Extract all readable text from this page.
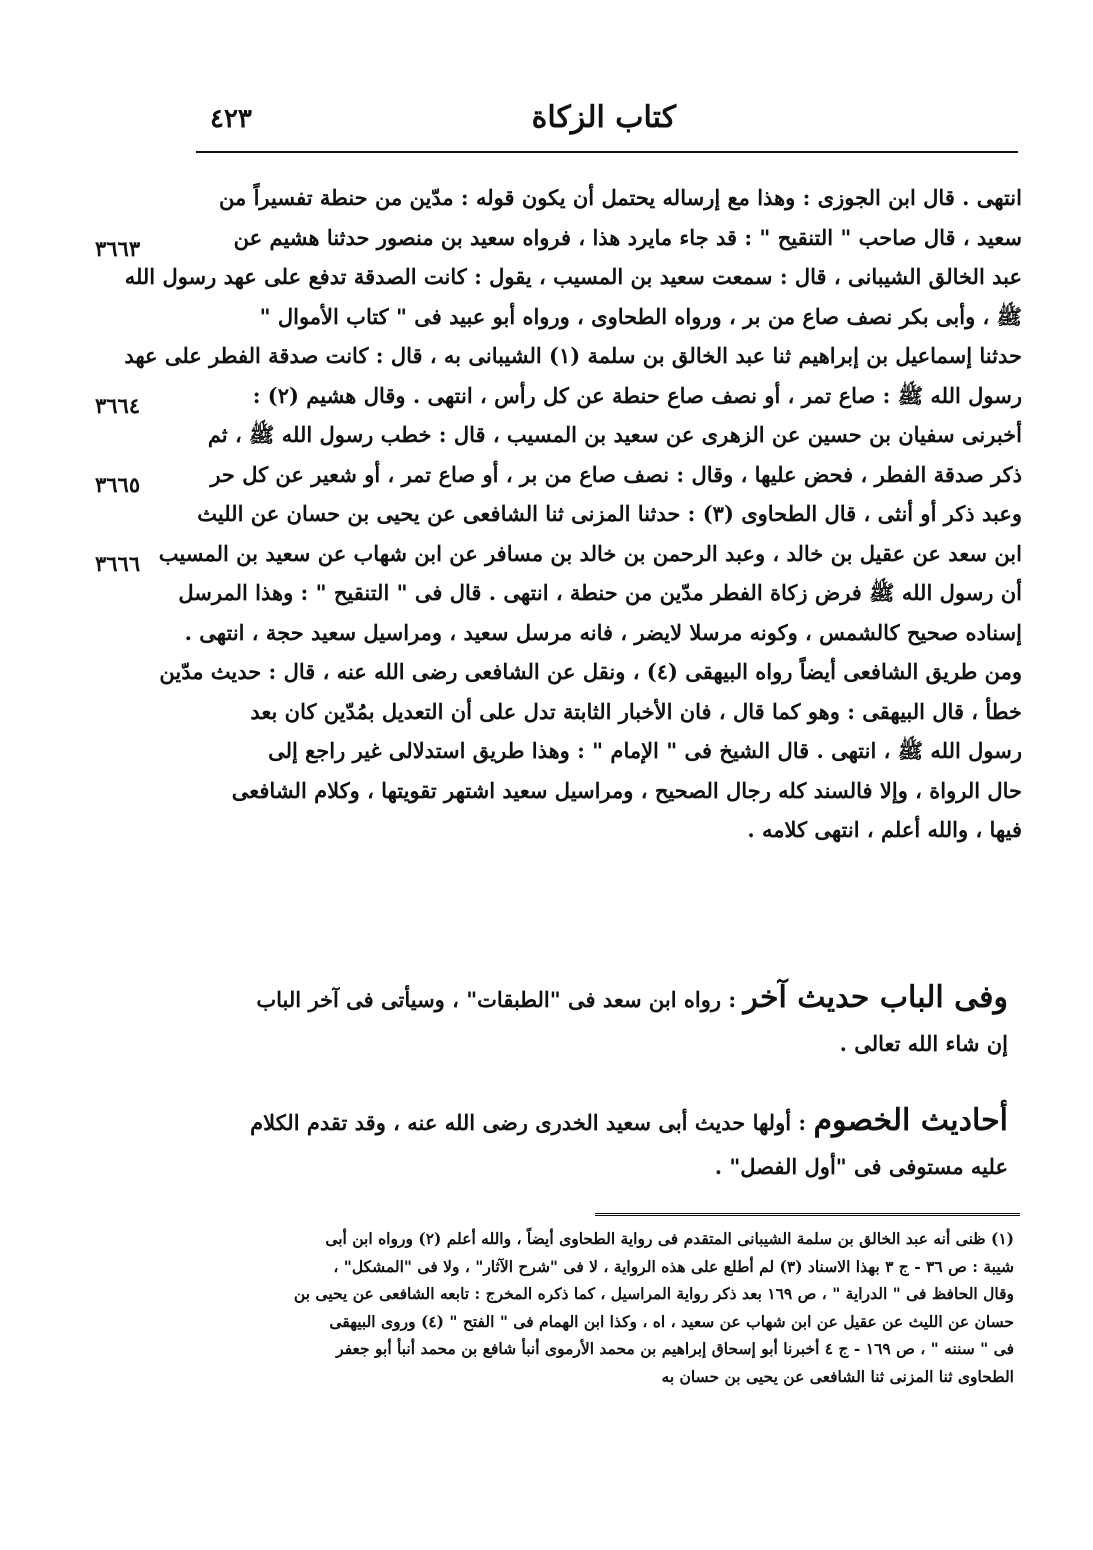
كتاب الزكاة
٤٢٣
انتهى . قال ابن الجوزى : وهذا مع إرساله يحتمل أن يكون قوله : مدّين من حنطة تفسيراً من
سعيد ، قال صاحب " التنقيح " : قد جاء مايرد هذا ، فرواه سعيد بن منصور حدثنا هشيم عن
عبد الخالق الشيبانى ، قال : سمعت سعيد بن المسيب ، يقول : كانت الصدقة تدفع على عهد رسول الله
ﷺ ، وأبى بكر نصف صاع من بر ، ورواه الطحاوى ، ورواه أبو عبيد فى " كتاب الأموال "
حدثنا إسماعيل بن إبراهيم ثنا عبد الخالق بن سلمة (١) الشيبانى به ، قال : كانت صدقة الفطر على عهد
رسول الله ﷺ : صاع تمر ، أو نصف صاع حنطة عن كل رأس ، انتهى . وقال هشيم (٢) :
أخبرنى سفيان بن حسين عن الزهرى عن سعيد بن المسيب ، قال : خطب رسول الله ﷺ ، ثم
ذكر صدقة الفطر ، فحض عليها ، وقال : نصف صاع من بر ، أو صاع تمر ، أو شعير عن كل حر
وعبد ذكر أو أنثى ، قال الطحاوى (٣) : حدثنا المزنى ثنا الشافعى عن يحيى بن حسان عن الليث
ابن سعد عن عقيل بن خالد ، وعبد الرحمن بن خالد بن مسافر عن ابن شهاب عن سعيد بن المسيب
أن رسول الله ﷺ فرض زكاة الفطر مدّين من حنطة ، انتهى . قال فى " التنقيح " : وهذا المرسل
إسناده صحيح كالشمس ، وكونه مرسلا لايضر ، فانه مرسل سعيد ، ومراسيل سعيد حجة ، انتهى .
ومن طريق الشافعى أيضاً رواه البيهقى (٤) ، ونقل عن الشافعى رضى الله عنه ، قال : حديث مدّين
خطأ ، قال البيهقى : وهو كما قال ، فان الأخبار الثابتة تدل على أن التعديل بمُدّين كان بعد
رسول الله ﷺ ، انتهى . قال الشيخ فى " الإمام " : وهذا طريق استدلالى غير راجع إلى
حال الرواة ، وإلا فالسند كله رجال الصحيح ، ومراسيل سعيد اشتهر تقويتها ، وكلام الشافعى
فيها ، والله أعلم ، انتهى كلامه .
٣٦٦٣
٣٦٦٤
٣٦٦٥
٣٦٦٦
وفى الباب حديث آخر : رواه ابن سعد فى "الطبقات" ، وسيأتى فى آخر الباب
إن شاء الله تعالى .
أحاديث الخصوم : أولها حديث أبى سعيد الخدرى رضى الله عنه ، وقد تقدم الكلام
عليه مستوفى فى "أول الفصل" .
(١) ظنى أنه عبد الخالق بن سلمة الشيبانى المتقدم فى رواية الطحاوى أيضاً ، والله أعلم (٢) ورواه ابن أبى
شيبة : ص ٣٦ - ج ٣ بهذا الاسناد (٣) لم أطلع على هذه الرواية ، لا فى "شرح الآثار" ، ولا فى "المشكل" ،
وقال الحافظ فى " الدراية " ، ص ١٦٩ بعد ذكر رواية المراسيل ، كما ذكره المخرج : تابعه الشافعى عن يحيى بن
حسان عن الليث عن عقيل عن ابن شهاب عن سعيد ، اه ، وكذا ابن الهمام فى " الفتح " (٤) وروى البيهقى
فى " سننه " ، ص ١٦٩ - ج ٤ أخبرنا أبو إسحاق إبراهيم بن محمد الأرموى أنبأ شافع بن محمد أنبأ أبو جعفر
الطحاوى ثنا المزنى ثنا الشافعى عن يحيى بن حسان به
